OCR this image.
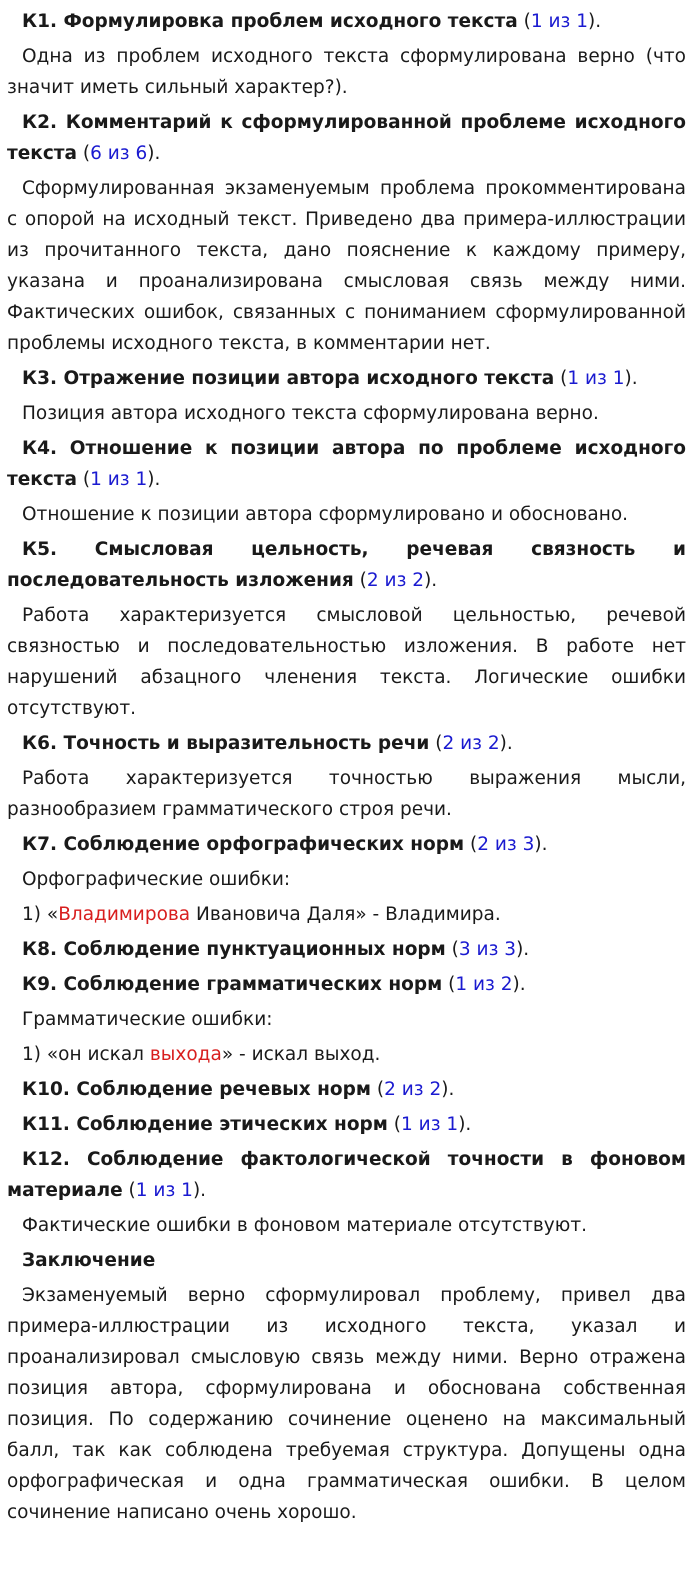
К1. Формулировка проблем исходного текста (1 из 1).

Одна из проблем исходного текста сформулирована верно (что значит иметь сильный характер?).

К2. Комментарий к сформулированной проблеме исходного текста (6 из 6).

Сформулированная экзаменуемым проблема прокомментирована с опорой на исходный текст. Приведено два примера-иллюстрации из прочитанного текста, дано пояснение к каждому примеру, указана и проанализирована смысловая связь между ними. Фактических ошибок, связанных с пониманием сформулированной проблемы исходного текста, в комментарии нет.

К3. Отражение позиции автора исходного текста (1 из 1).

Позиция автора исходного текста сформулирована верно.

К4. Отношение к позиции автора по проблеме исходного текста (1 из 1).

Отношение к позиции автора сформулировано и обосновано.

К5. Смысловая цельность, речевая связность и последовательность изложения (2 из 2).

Работа характеризуется смысловой цельностью, речевой связностью и последовательностью изложения. В работе нет нарушений абзацного членения текста. Логические ошибки отсутствуют.

К6. Точность и выразительность речи (2 из 2).

Работа характеризуется точностью выражения мысли, разнообразием грамматического строя речи.

К7. Соблюдение орфографических норм (2 из 3).

Орфографические ошибки:

1) «Владимирова Ивановича Даля» - Владимира.

К8. Соблюдение пунктуационных норм (3 из 3).

К9. Соблюдение грамматических норм (1 из 2).

Грамматические ошибки:

1) «он искал выхода» - искал выход.

К10. Соблюдение речевых норм (2 из 2).

К11. Соблюдение этических норм (1 из 1).

К12. Соблюдение фактологической точности в фоновом материале (1 из 1).

Фактические ошибки в фоновом материале отсутствуют.

Заключение

Экзаменуемый верно сформулировал проблему, привел два примера-иллюстрации из исходного текста, указал и проанализировал смысловую связь между ними. Верно отражена позиция автора, сформулирована и обоснована собственная позиция. По содержанию сочинение оценено на максимальный балл, так как соблюдена требуемая структура. Допущены одна орфографическая и одна грамматическая ошибки. В целом сочинение написано очень хорошо.
